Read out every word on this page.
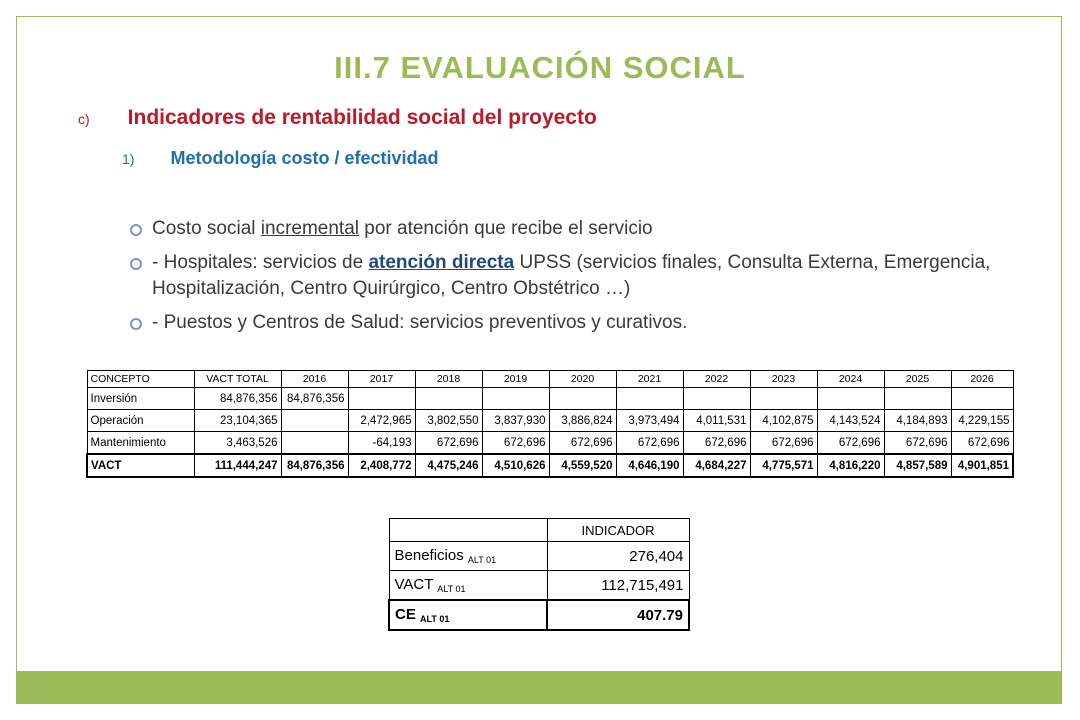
III.7 EVALUACIÓN SOCIAL
c) Indicadores de rentabilidad social del proyecto
1) Metodología costo / efectividad
Costo social incremental por atención que recibe el servicio
- Hospitales: servicios de atención directa UPSS (servicios finales, Consulta Externa, Emergencia, Hospitalización, Centro Quirúrgico, Centro Obstétrico …)
- Puestos y Centros de Salud: servicios preventivos y curativos.
CONCEPTO	VACT TOTAL	2016	2017	2018	2019	2020	2021	2022	2023	2024	2025	2026
Inversión	84,876,356	84,876,356										
Operación	23,104,365		2,472,965	3,802,550	3,837,930	3,886,824	3,973,494	4,011,531	4,102,875	4,143,524	4,184,893	4,229,155
Mantenimiento	3,463,526		-64,193	672,696	672,696	672,696	672,696	672,696	672,696	672,696	672,696	672,696
VACT	111,444,247	84,876,356	2,408,772	4,475,246	4,510,626	4,559,520	4,646,190	4,684,227	4,775,571	4,816,220	4,857,589	4,901,851
	INDICADOR
Beneficios $_{ALT 01}$	276,404
VACT $_{ALT 01}$	112,715,491
CE $_{ALT 01}$	407.79
